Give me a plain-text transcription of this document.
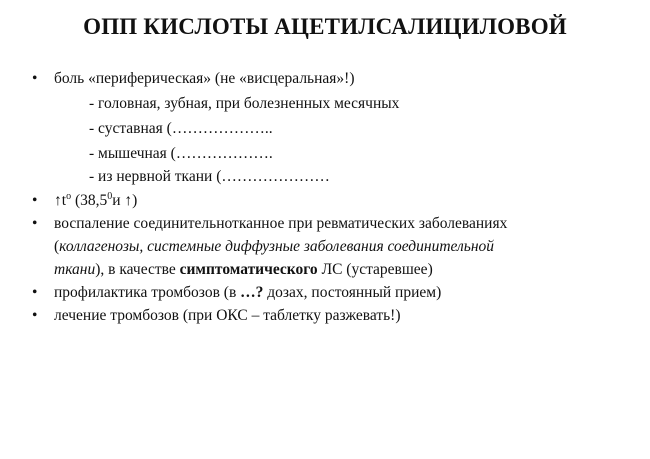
ОПП КИСЛОТЫ АЦЕТИЛСАЛИЦИЛОВОЙ
• боль «периферическая» (не «висцеральная»!)
- головная, зубная, при болезненных месячных
- суставная (………………..
- мышечная (……………….
- из нервной ткани (…………………
• $↑t^o$ (38,5$^0$и ↑)
• воспаление соединительнотканное при ревматических заболеваниях
(коллагенозы, системные диффузные заболевания соединительной
ткани), в качестве симптоматического ЛС (устаревшее)
• профилактика тромбозов (в …? дозах, постоянный прием)
• лечение тромбозов (при ОКС – таблетку разжевать!)
